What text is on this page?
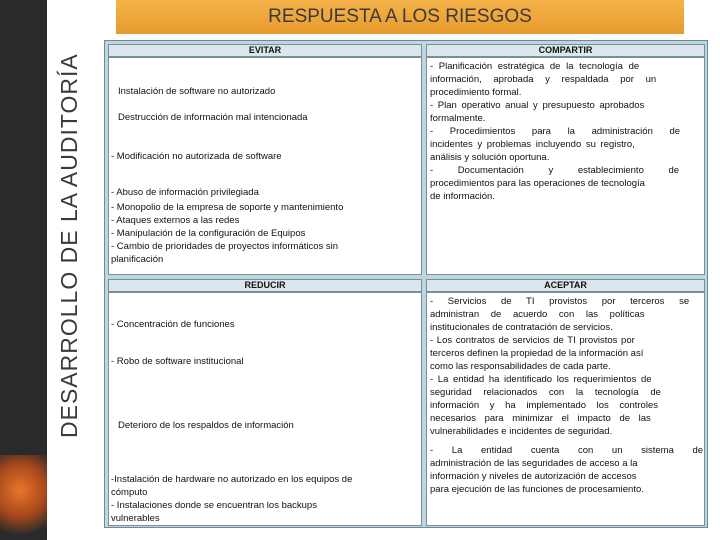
DESARROLLO DE LA AUDITORÍA
RESPUESTA A LOS RIESGOS
EVITAR	COMPARTIR
REDUCIR	ACEPTAR
Instalación de software no autorizado
Destrucción de información mal intencionada
- Modificación no autorizada de software
- Abuso de información privilegiada
- Monopolio de la empresa de soporte y mantenimiento
- Ataques externos a las redes
- Manipulación de la configuración de Equipos
- Cambio de prioridades de proyectos informáticos sin
planificación
- Planificación estratégica de la tecnología de
información, aprobada y respaldada por un
procedimiento formal.
- Plan operativo anual y presupuesto aprobados
formalmente.
- Procedimientos para la administración de
incidentes y problemas incluyendo su registro,
análisis y solución oportuna.
- Documentación y establecimiento de
procedimientos para las operaciones de tecnología
de información.
- Concentración de funciones
- Robo de software institucional
Deterioro de los respaldos de información
-Instalación de hardware no autorizado en los equipos de
cómputo
- Instalaciones donde se encuentran los backups
vulnerables
- Servicios de TI provistos por terceros se
administran de acuerdo con las políticas
institucionales de contratación de servicios.
- Los contratos de servicios de TI provistos por
terceros definen la propiedad de la información así
como las responsabilidades de cada parte.
- La entidad ha identificado los requerimientos de
seguridad relacionados con la tecnología de
información y ha implementado los controles
necesarios para minimizar el impacto de las
vulnerabilidades e incidentes de seguridad.
- La entidad cuenta con un sistema de
administración de las seguridades de acceso a la
información y niveles de autorización de accesos
para ejecución de las funciones de procesamiento.
